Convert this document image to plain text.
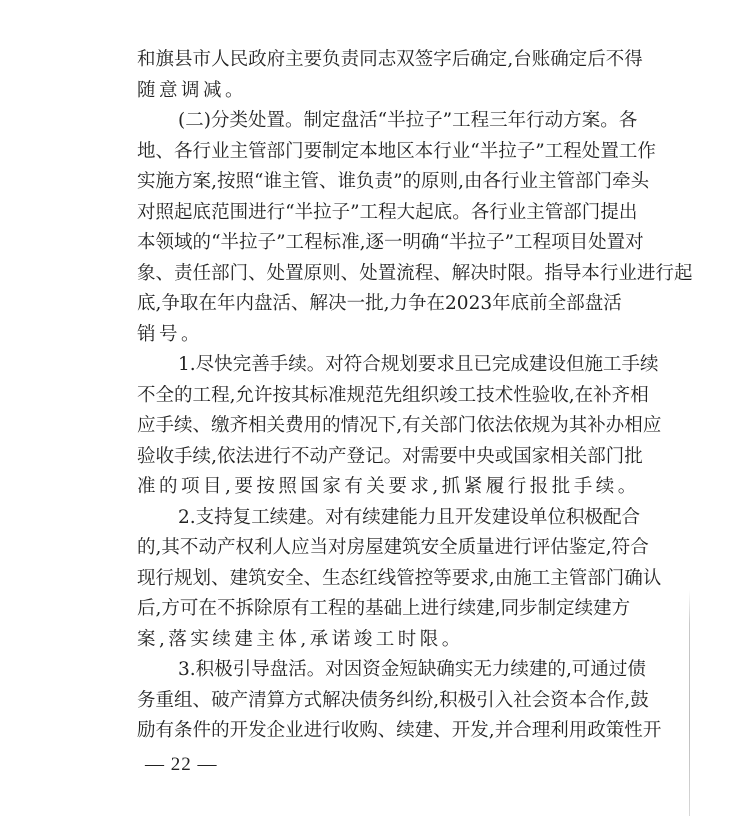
和 旗 县 市 人 民 政 府 主 要 负 责 同 志 双 签 字 后 确 定 , 台 账 确 定 后 不 得
随意调减。
( 二 ) 分 类 处 置 。 制 定 盘 活 “ 半 拉 子 ” 工 程 三 年 行 动 方 案 。 各
地 、 各 行 业 主 管 部 门 要 制 定 本 地 区 本 行 业 “ 半 拉 子 ” 工 程 处 置 工 作
实 施 方 案 , 按 照 “ 谁 主 管 、 谁 负 责 ” 的 原 则 , 由 各 行 业 主 管 部 门 牵 头
对 照 起 底 范 围 进 行 “ 半 拉 子 ” 工 程 大 起 底 。 各 行 业 主 管 部 门 提 出
本 领 域 的 “ 半 拉 子 ” 工 程 标 准 , 逐 一 明 确 “ 半 拉 子 ” 工 程 项 目 处 置 对
象 、 责 任 部 门 、 处 置 原 则 、 处 置 流 程 、 解 决 时 限 。 指 导 本 行 业 进 行 起
底 , 争 取 在 年 内 盘 活 、 解 决 一 批 , 力 争 在 2023 年 底 前 全 部 盘 活
销号。
1. 尽 快 完 善 手 续 。 对 符 合 规 划 要 求 且 已 完 成 建 设 但 施 工 手 续
不 全 的 工 程 , 允 许 按 其 标 准 规 范 先 组 织 竣 工 技 术 性 验 收 , 在 补 齐 相
应 手 续 、 缴 齐 相 关 费 用 的 情 况 下 , 有 关 部 门 依 法 依 规 为 其 补 办 相 应
验 收 手 续 , 依 法 进 行 不 动 产 登 记 。 对 需 要 中 央 或 国 家 相 关 部 门 批
准的项目,要按照国家有关要求,抓紧履行报批手续。
2. 支 持 复 工 续 建 。 对 有 续 建 能 力 且 开 发 建 设 单 位 积 极 配 合
的 , 其 不 动 产 权 利 人 应 当 对 房 屋 建 筑 安 全 质 量 进 行 评 估 鉴 定 , 符 合
现 行 规 划 、 建 筑 安 全 、 生 态 红 线 管 控 等 要 求 , 由 施 工 主 管 部 门 确 认
后 , 方 可 在 不 拆 除 原 有 工 程 的 基 础 上 进 行 续 建 , 同 步 制 定 续 建 方
案,落实续建主体,承诺竣工时限。
3. 积 极 引 导 盘 活 。 对 因 资 金 短 缺 确 实 无 力 续 建 的 , 可 通 过 债
务 重 组 、 破 产 清 算 方 式 解 决 债 务 纠 纷 , 积 极 引 入 社 会 资 本 合 作 , 鼓
励 有 条 件 的 开 发 企 业 进 行 收 购 、 续 建 、 开 发 , 并 合 理 利 用 政 策 性 开
— 22 —
